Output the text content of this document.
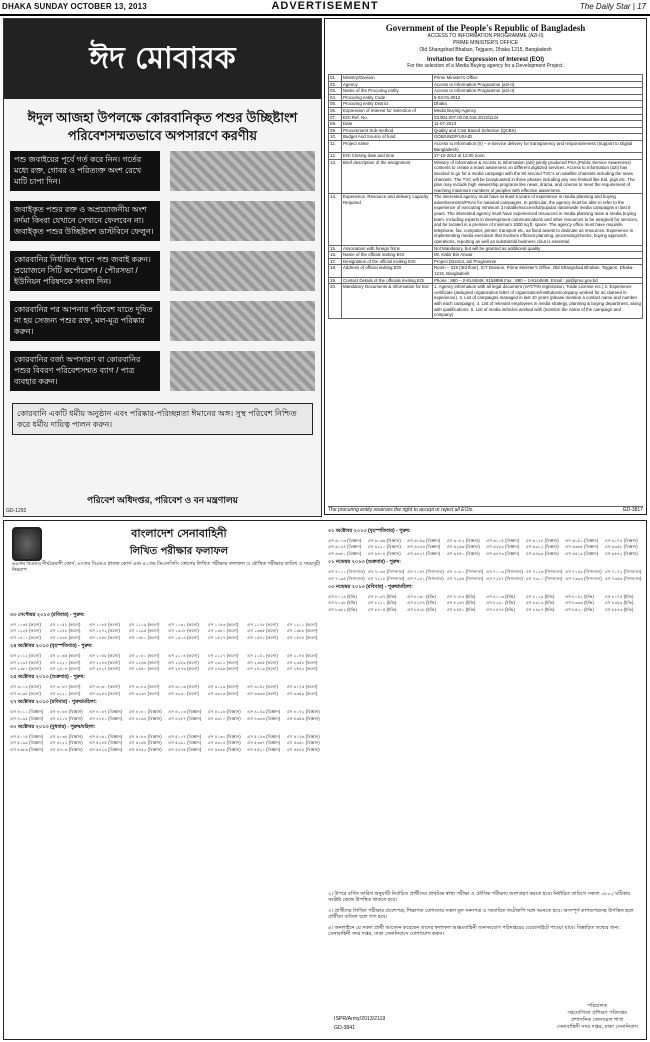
DHAKA SUNDAY OCTOBER 13, 2013	ADVERTISEMENT	The Daily Star | 17
ঈদ মোবারক
ঈদুল আজহা উপলক্ষে কোরবানিকৃত পশুর উচ্ছিষ্টাংশ পরিবেশসম্মতভাবে অপসারণে করণীয়
পশু জবাইয়ের পূর্বে গর্ত করে নিন। গর্তের মধ্যে রক্ত, গোবর ও পরিত্যক্ত অংশ রেখে মাটি চাপা দিন।
জবাইকৃত পশুর রক্ত ও অপ্রয়োজনীয় অংশ নর্দমা কিংবা যেখানে সেখানে ফেলবেন না। জবাইকৃত পশুর উচ্ছিষ্টাংশ ডাস্টবিনে ফেলুন।
কোরবানির নির্ধারিত স্থানে পশু জবাই করুন। প্রয়োজনে সিটি কর্পোরেশন / পৌরসভা / ইউনিয়ন পরিষদকে সংবাদ দিন।
কোরবানির পর আপনার পরিবেশ যাতে দূষিত না হয় সেজন্য পশুর রক্ত, মল-মূত্র পরিষ্কার করুন।
কোরবানির বর্জ্য অপসারণ বা কোরবানির পশুর বিবরণ পরিবেশসম্মত ব্যাগ / পাত্র ব্যবহার করুন।
কোরবানি একটি ধর্মীয় অনুষ্ঠান এবং পরিষ্কার-পরিচ্ছন্নতা ঈমানের অঙ্গ। সুস্থ পরিবেশ নিশ্চিত করে ধর্মীয় দায়িত্ব পালন করুন।
পরিবেশ অধিদপ্তর, পরিবেশ ও বন মন্ত্রণালয়
GD-1292
Government of the People's Republic of Bangladesh
ACCESS TO INFORMATION PROGRAMME (A2I-II)
PRIME MINISTER'S OFFICE
Old Shangshad Bhaban, Tejgaon, Dhaka 1215, Bangladesh
Invitation for Expression of Interest (EOI)
For the selection of a Media Buying agency for a Development Project.
01.	Ministry/Division	Prime Minister's Office
02.	Agency	Access to Information Programme (a2i-II)
03.	Name of the Procuring entity	Access to Information Programme (a2i-II)
04.	Procuring entity Code	5-03-01-0012
05.	Procuring entity District	Dhaka
06.	Expression of Interest for Selection of	Media Buying Agency
07.	EOI Ref. No.	03.904.007.00.00.015.2013/1124
08.	Date	11-07-2013
09.	Procurement Sub-method	Quality and Cost Based Selection (QCBS)
10.	Budget And Source of fund	GOB/UNDP/USAID
11.	Project name	Access to Information (II) – e-Service delivery for transparency and responsiveness (Support to Digital Bangladesh)
12.	EOI Closing date and time	27-10-2013 at 12:00 noon
13.	Brief description of the assignment	Ministry of Information & Access to Information (a2i) jointly produced PSA (Public Service Awareness) contents to create a mass awareness on different digitized services. Access to Information (a2i) has decided to go for a media campaign with the 50 second TVC's on satellite channels including the news channels. The TVC will be broadcasted in three phases including any one festival like Eid, puja etc. The plan may include high viewership programs like news, drama, and cinema to meet the requirement of reaching maximum numbers of peoples with effective awareness.
14.	Experience, Resource and delivery capacity Required	The interested agency must have at least 6 years of experience in media planning and buying advertisements/PSAs for national campaigns. In particular, the agency must be able to refer to the experience of executing minimum 3 notable/successful/popular nationwide media campaigns in last 6 years. The interested agency must have experienced resources in media planning team & media buying team, including experts in development communications and other resources to be assigned for services, and be located in a premise of minimum 1000 sq.ft. space. The agency office must have requisite telephone, fax, computer, printer, transport etc. as fixed assets to dedicate as resources. Experience in implementing media execution that involves efficient planning, processing/checks, buying approach, operations, reporting as well as substantial business clout is essential.
15.	Association with foreign firms	Not Mandatory, but will be granted as additional quality
16.	Name of the official inviting EOI	Mr. Kabir Bin Anwar
17.	Designation of the official inviting EOI	Project Director, a2i Programme
18.	Address of official inviting EOI	Room – 319 (3rd floor), ICT Division, Prime Minister's Office, Old Shangshad Bhaban, Tejgaon, Dhaka- 1215, Bangladesh
19.	Contact Details of the officials inviting EOI	Phone : 880 – 2-9144848, 8158896 Fax : 880 – 2-9144848, Email : pd@pmo.gov.bd
20.	Mandatory Documents & Information for EoI	1. Agency information with all legal document (VAT/TIN registration, Trade License etc.) 2. Experience certificate (assigned organization letter of organization/institution/company worked for as claimed in experience). 3. List of campaigns managed in last 10 years (please mention a contact name and number with each campaign). 4. List of relevant employees in media strategy, planning & buying department, along with qualifications. 5. List of media vehicles worked with (mention the name of the campaign and company)
GD-3817
The procuring entity reserves the right to accept or reject all EOIs.
বাংলাদেশ সেনাবাহিনী
লিখিত পরীক্ষার ফলাফল
৬৯তম বিএমএ দীর্ঘমেয়াদী কোর্স, ৬৭তম বিএমএ স্নাতক কোর্স এবং ৪১তম ডিএসসিসি কোর্সের লিখিত পরীক্ষার ফলাফল ও মৌখিক পরীক্ষার তারিখ ও সময়সূচী নিম্নরূপ:
৩৩ সেপ্টেম্বর ২০১৩ (রবিবার) - পুরুষ:
এস ১০৩৫ (কলো)	এস ১০৫২ (কলো)	এস ১০৮৫ (কলো)	এস ১১০৯ (কলো)	এস ১১৩১ (কলো)	এস ১১৫৩ (কলো)	এস ১১৭৮ (কলো)	এস ১২০১ (কলো)
এস ১২২৫ (কলো)	এস ১২৪৮ (কলো)	এস ১২৭২ (কলো)	এস ১২৯৫ (কলো)	এস ১৩১৮ (কলো)	এস ১৩৪১ (কলো)	এস ১৩৬৫ (কলো)	এস ১৩৮৮ (কলো)
এস ১৪১১ (কলো)	এস ১৪৩৪ (কলো)	এস ১৪৫৮ (কলো)	এস ১৪৮১ (কলো)	এস ১৫০৪ (কলো)	এস ১৫২৭ (কলো)	এস ১৫৫১ (কলো)	এস ১৫৭৪ (কলো)
২৪ অক্টোবর ২০১৩ (বৃহস্পতিবার) - পুরুষ:
এস ২০১২ (কলো)	এস ২০৩৫ (কলো)	এস ২০৫৮ (কলো)	এস ২০৮১ (কলো)	এস ২১০৪ (কলো)	এস ২১২৭ (কলো)	এস ২১৫১ (কলো)	এস ২১৭৪ (কলো)
এস ২১৯৭ (কলো)	এস ২২২০ (কলো)	এস ২২৪৩ (কলো)	এস ২২৬৬ (কলো)	এস ২২৮৯ (কলো)	এস ২৩১২ (কলো)	এস ২৩৩৫ (কলো)	এস ২৩৫৮ (কলো)
এস ২৩৮১ (কলো)	এস ২৪০৪ (কলো)	এস ২৪২৭ (কলো)	এস ২৪৫০ (কলো)	এস ২৪৭৩ (কলো)	এস ২৪৯৬ (কলো)	এস ২৫১৯ (কলো)	এস ২৫৪২ (কলো)
২৫ অক্টোবর ২০১৩ (শুক্রবার) - পুরুষ:
এস ৩০১৪ (কলো)	এস ৩০৩৭ (কলো)	এস ৩০৬০ (কলো)	এস ৩০৮৩ (কলো)	এস ৩১০৬ (কলো)	এস ৩১২৯ (কলো)	এস ৩১৫২ (কলো)	এস ৩১৭৫ (কলো)
এস ৩১৯৮ (কলো)	এস ৩২২১ (কলো)	এস ৩২৪৪ (কলো)	এস ৩২৬৭ (কলো)	এস ৩২৯০ (কলো)	এস ৩৩১৩ (কলো)	এস ৩৩৩৬ (কলো)	এস ৩৩৫৯ (কলো)
২৭ অক্টোবর ২০১৩ (রবিবার) - পুরুষ/মহিলা:
এস ৪০১১ (বিজ্ঞান)	এস ৪০৩৪ (বিজ্ঞান)	এস ৪০৫৭ (বিজ্ঞান)	এস ৪০৮০ (বিজ্ঞান)	এস ৪১০৩ (বিজ্ঞান)	এস ৪১২৬ (বিজ্ঞান)	এস ৪১৪৯ (বিজ্ঞান)	এস ৪১৭২ (বিজ্ঞান)
এস ৪১৯৫ (বিজ্ঞান)	এস ৪২১৮ (বিজ্ঞান)	এস ৪২৪১ (বিজ্ঞান)	এস ৪২৬৪ (বিজ্ঞান)	এস ৪২৮৭ (বিজ্ঞান)	এস ৪৩১০ (বিজ্ঞান)	এস ৪৩৩৩ (বিজ্ঞান)	এস ৪৩৫৬ (বিজ্ঞান)
৩০ অক্টোবর ২০১৩ (বুধবার) - পুরুষ/মহিলা:
এস ৫০১৫ (বিজ্ঞান)	এস ৫০৩৮ (বিজ্ঞান)	এস ৫০৬১ (বিজ্ঞান)	এস ৫০৮৪ (বিজ্ঞান)	এস ৫১০৭ (বিজ্ঞান)	এস ৫১৩০ (বিজ্ঞান)	এস ৫১৫৩ (বিজ্ঞান)	এস ৫১৭৬ (বিজ্ঞান)
এস ৫১৯৯ (বিজ্ঞান)	এস ৫২২২ (বিজ্ঞান)	এস ৫২৪৫ (বিজ্ঞান)	এস ৫২৬৮ (বিজ্ঞান)	এস ৫২৯১ (বিজ্ঞান)	এস ৫৩১৪ (বিজ্ঞান)	এস ৫৩৩৭ (বিজ্ঞান)	এস ৫৩৬০ (বিজ্ঞান)
এস ৫৩৮৩ (বিজ্ঞান)	এস ৫৪০৬ (বিজ্ঞান)	এস ৫৪২৯ (বিজ্ঞান)	এস ৫৪৫২ (বিজ্ঞান)	এস ৫৪৭৫ (বিজ্ঞান)	এস ৫৪৯৮ (বিজ্ঞান)	এস ৫৫২১ (বিজ্ঞান)	এস ৫৫৪৪ (বিজ্ঞান)
৩১ অক্টোবর ২০১৩ (বৃহস্পতিবার) - পুরুষ:
এস ৬০১৩ (বিজ্ঞান)	এস ৬০৩৬ (বিজ্ঞান)	এস ৬০৫৯ (বিজ্ঞান)	এস ৬০৮২ (বিজ্ঞান)	এস ৬১০৫ (বিজ্ঞান)	এস ৬১২৮ (বিজ্ঞান)	এস ৬১৫১ (বিজ্ঞান)	এস ৬১৭৪ (বিজ্ঞান)
এস ৬১৯৭ (বিজ্ঞান)	এস ৬২২০ (বিজ্ঞান)	এস ৬২৪৩ (বিজ্ঞান)	এস ৬২৬৬ (বিজ্ঞান)	এস ৬২৮৯ (বিজ্ঞান)	এস ৬৩১২ (বিজ্ঞান)	এস ৬৩৩৫ (বিজ্ঞান)	এস ৬৩৫৮ (বিজ্ঞান)
এস ৬৩৮১ (বিজ্ঞান)	এস ৬৪০৪ (বিজ্ঞান)	এস ৬৪২৭ (বিজ্ঞান)	এস ৬৪৫০ (বিজ্ঞান)	এস ৬৪৭৩ (বিজ্ঞান)	এস ৬৪৯৬ (বিজ্ঞান)	এস ৬৫১৯ (বিজ্ঞান)	এস ৬৫৪২ (বিজ্ঞান)
০১ নভেম্বর ২০১৩ (শুক্রবার) - পুরুষ:
এস ৭০১১ (সিগন্যাল) এস ৭০৩৪ (সিগন্যাল) এস ৭০৫৭ (সিগন্যাল) এস ৭০৮০ (সিগন্যাল) এস ৭১০৩ (সিগন্যাল) এস ৭১২৬ (সিগন্যাল) এস ৭১৪৯ (সিগন্যাল) এস ৭১৭২ (সিগন্যাল)
এস ৭১৯৫ (সিগন্যাল) এস ৭২১৮ (সিগন্যাল) এস ৭২৪১ (সিগন্যাল) এস ৭২৬৪ (সিগন্যাল) এস ৭২৮৭ (সিগন্যাল) এস ৭৩১০ (সিগন্যাল) এস ৭৩৩৩ (সিগন্যাল) এস ৭৩৫৬ (সিগন্যাল)
০৩ নভেম্বর ২০১৩ (রবিবার) - পুরুষ/মহিলা:
এস ৮০১৪ (ইঞ্জি)	এস ৮০৩৭ (ইঞ্জি)	এস ৮০৬০ (ইঞ্জি)	এস ৮০৮৩ (ইঞ্জি)	এস ৮১০৬ (ইঞ্জি)	এস ৮১২৯ (ইঞ্জি)	এস ৮১৫২ (ইঞ্জি)	এস ৮১৭৫ (ইঞ্জি)
এস ৮১৯৮ (ইঞ্জি)	এস ৮২২১ (ইঞ্জি)	এস ৮২৪৪ (ইঞ্জি)	এস ৮২৬৭ (ইঞ্জি)	এস ৮২৯০ (ইঞ্জি)	এস ৮৩১৩ (ইঞ্জি)	এস ৮৩৩৬ (ইঞ্জি)	এস ৮৩৫৯ (ইঞ্জি)
এস ৮৩৮২ (ইঞ্জি)	এস ৮৪০৫ (ইঞ্জি)	এস ৮৪২৮ (ইঞ্জি)	এস ৮৪৫১ (ইঞ্জি)	এস ৮৪৭৪ (ইঞ্জি)	এস ৮৪৯৭ (ইঞ্জি)	এস ৮৫২০ (ইঞ্জি)	এস ৮৫৪৩ (ইঞ্জি)

২। উপরে বর্ণিত তারিখ অনুযায়ী নির্বাচিত প্রার্থীদের প্রাথমিক স্বাস্থ্য পরীক্ষা ও মৌখিক পরীক্ষায় অংশগ্রহণ করতে হবে। নির্ধারিত তারিখে সকাল ০৮০০ ঘটিকায় সংশ্লিষ্ট কেন্দ্রে উপস্থিত থাকতে হবে।

৩। প্রার্থীদের লিখিত পরীক্ষার প্রবেশপত্র, শিক্ষাগত যোগ্যতার সকল মূল সনদপত্র ও সত্যায়িত ফটোকপি সঙ্গে আনতে হবে। অসম্পূর্ণ কাগজপত্রসহ উপস্থিত হলে প্রার্থীতা বাতিল বলে গণ্য হবে।

৪। অনলাইনে যে সকল প্রার্থী আবেদন করেছেন তাদের ফলাফল আন্তঃবাহিনী জনসংযোগ পরিদপ্তরের ওয়েবসাইটে পাওয়া যাবে। বিস্তারিত তথ্যের জন্য সেনাবাহিনী সদর দপ্তর, ঢাকা সেনানিবাসে যোগাযোগ করুন।

ISPR/Army/2013/2119
GD-3841
পরিচালক
সহযোগিতা প্রশিক্ষণ পরিদপ্তর
প্রশাসনিক জেনারেল শাখা
সেনাবাহিনী সদর দপ্তর, ঢাকা সেনানিবাস
